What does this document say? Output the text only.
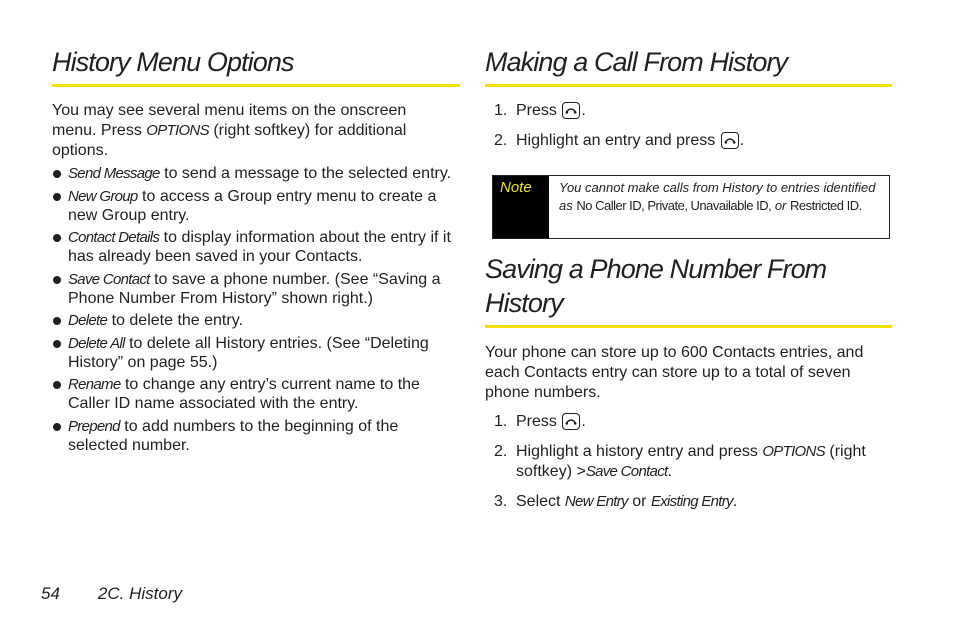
History Menu Options

You may see several menu items on the onscreen menu. Press OPTIONS (right softkey) for additional options.

Send Message to send a message to the selected entry.
New Group to access a Group entry menu to create a new Group entry.
Contact Details to display information about the entry if it has already been saved in your Contacts.
Save Contact to save a phone number. (See “Saving a Phone Number From History” shown right.)
Delete to delete the entry.
Delete All to delete all History entries. (See “Deleting History” on page 55.)
Rename to change any entry’s current name to the Caller ID name associated with the entry.
Prepend to add numbers to the beginning of the selected number.
Making a Call From History
1. Press
.
2. Highlight an entry and press
.
Note	You cannot make calls from History to entries identified as No Caller ID, Private, Unavailable ID, or Restricted ID.
Saving a Phone Number From History

Your phone can store up to 600 Contacts entries, and each Contacts entry can store up to a total of seven phone numbers.

1. Press
.
2. Highlight a history entry and press OPTIONS (right softkey) >Save Contact.
3. Select New Entry or Existing Entry.
54 2C. History
